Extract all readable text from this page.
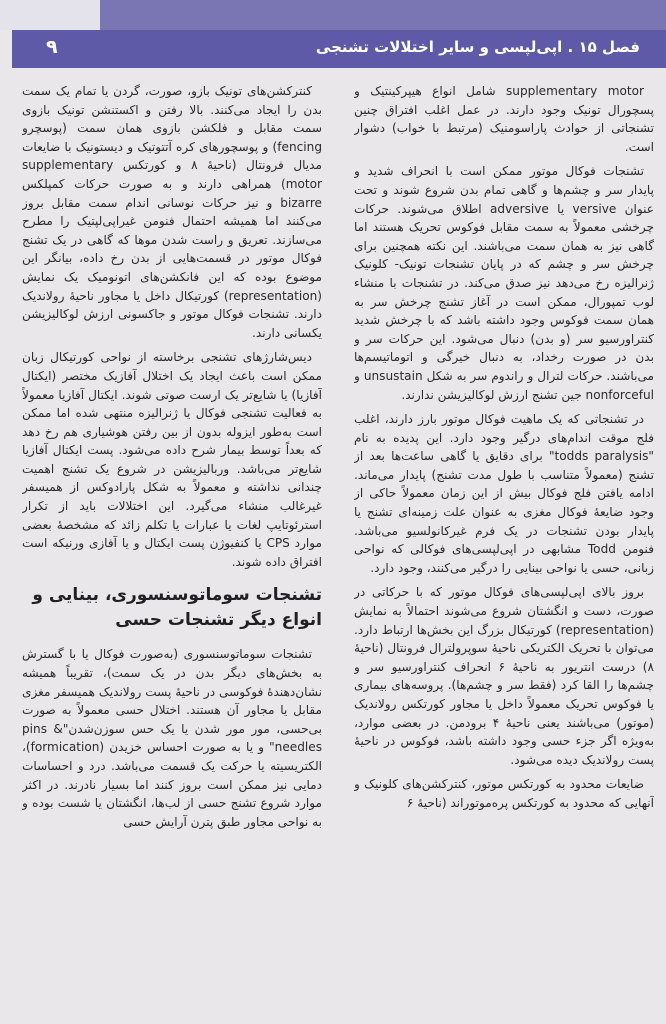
۹	فصل ۱۵ . اپی‌لپسی و سایر اختلالات تشنجی

supplementary motor شامل انواع هیپرکینتیک و پسچورال تونیک وجود دارند. در عمل اغلب افتراق چنین تشنجاتی از حوادث پاراسومنیک (مرتبط با خواب) دشوار است.

تشنجات فوکال موتور ممکن است با انحراف شدید و پایدار سر و چشم‌ها و گاهی تمام بدن شروع شوند و تحت عنوان versive یا adversive اطلاق می‌شوند. حرکات چرخشی معمولاً به سمت مقابل فوکوس تحریک هستند اما گاهی نیز به همان سمت می‌باشند. این نکته همچنین برای چرخش سر و چشم که در پایان تشنجات تونیک- کلونیک ژنرالیزه رخ می‌دهد نیز صدق می‌کند. در تشنجات با منشاء لوب تمپورال، ممکن است در آغاز تشنج چرخش سر به همان سمت فوکوس وجود داشته باشد که با چرخش شدید کنتراورسیو سر (و بدن) دنبال می‌شود. این حرکات سر و بدن در صورت رخداد، به دنبال خیرگی و اتوماتیسم‌ها می‌باشند. حرکات لترال و راندوم سر به شکل unsustain و nonforceful جین تشنج ارزش لوکالیزیشن ندارند.

در تشنجاتی که یک ماهیت فوکال موتور بارز دارند، اغلب فلج موقت اندام‌های درگیر وجود دارد. این پدیده به نام "todds paralysis" برای دقایق یا گاهی ساعت‌ها بعد از تشنج (معمولاً متناسب با طول مدت تشنج) پایدار می‌ماند. ادامه یافتن فلج فوکال بیش از این زمان معمولاً حاکی از وجود ضایعهٔ فوکال مغزی به عنوان علت زمینه‌ای تشنج یا پایدار بودن تشنجات در یک فرم غیرکانولسیو می‌باشد. فنومن Todd مشابهی در اپی‌لپسی‌های فوکالی که نواحی زبانی، حسی یا نواحی بینایی را درگیر می‌کنند، وجود دارد.

بروز بالای اپی‌لپسی‌های فوکال موتور که با حرکاتی در صورت، دست و انگشتان شروع می‌شوند احتمالاً به نمایش (representation) کورتیکال بزرگ این بخش‌ها ارتباط دارد. می‌توان با تحریک الکتریکی ناحیهٔ سوپرولترال فرونتال (ناحیهٔ ۸) درست انتریور به ناحیهٔ ۶ انحراف کنتراورسیو سر و چشم‌ها را القا کرد (فقط سر و چشم‌ها). پروسه‌های بیماری یا فوکوس تحریک معمولاً داخل یا مجاور کورتکس رولاندیک (موتور) می‌باشند یعنی ناحیهٔ ۴ برودمن. در بعضی موارد، به‌ویژه اگر جزء حسی وجود داشته باشد، فوکوس در ناحیهٔ پست رولاندیک دیده می‌شود.

ضایعات محدود به کورتکس موتور، کنترکشن‌های کلونیک و آنهایی که محدود به کورتکس پره‌موتوراند (ناحیهٔ ۶

کنترکشن‌های تونیک بازو، صورت، گردن یا تمام یک سمت بدن را ایجاد می‌کنند. بالا رفتن و اکستنشن تونیک بازوی سمت مقابل و فلکشن بازوی همان سمت (پوسچرو fencing) و پوسچورهای کره آتتوتیک و دیستونیک با ضایعات مدیال فرونتال (ناحیهٔ ۸ و کورتکس supplementary motor) همراهی دارند و به صورت حرکات کمپلکس bizarre و نیز حرکات نوسانی اندام سمت مقابل بروز می‌کنند اما همیشه احتمال فنومن غیراپی‌لپتیک را مطرح می‌سازند. تعریق و راست شدن موها که گاهی در یک تشنج فوکال موتور در قسمت‌هایی از بدن رخ داده، بیانگر این موضوع بوده که این فانکشن‌های اتونومیک یک نمایش (representation) کورتیکال داخل یا مجاور ناحیهٔ رولاندیک دارند. تشنجات فوکال موتور و جاکسونی ارزش لوکالیزیشن یکسانی دارند.

دیس‌شارژهای تشنجی برخاسته از نواحی کورتیکال زبان ممکن است باعث ایجاد یک اختلال آفازیک مختصر (ایکتال آفازیا) یا شایع‌تر یک ارست صوتی شوند. ایکتال آفازیا معمولاً به فعالیت تشنجی فوکال یا ژنرالیزه منتهی شده اما ممکن است به‌طور ایزوله بدون از بین رفتن هوشیاری هم رخ دهد که بعداً توسط بیمار شرح داده می‌شود. پست ایکتال آفازیا شایع‌تر می‌باشد. وربالیزیشن در شروع یک تشنج اهمیت چندانی نداشته و معمولاً به شکل پارادوکس از همیسفر غیرغالب منشاء می‌گیرد. این اختلالات باید از تکرار استرئوتایپ لغات یا عبارات یا تکلم زائد که مشخصهٔ بعضی موارد CPS یا کنفیوژن پست ایکتال و یا آفازی ورنیکه است افتراق داده شوند.

تشنجات سوماتوسنسوری، بینایی و انواع دیگر تشنجات حسی

تشنجات سوماتوسنسوری (به‌صورت فوکال یا با گسترش به بخش‌های دیگر بدن در یک سمت)، تقریباً همیشه نشان‌دهندهٔ فوکوسی در ناحیهٔ پست رولاندیک همیسفر مغزی مقابل یا مجاور آن هستند. اختلال حسی معمولاً به صورت بی‌حسی، مور مور شدن یا یک حس سوزن‌شدن"pins & needles" و یا به صورت احساس خزیدن (formication)، الکتریسیته یا حرکت یک قسمت می‌باشد. درد و احساسات دمایی نیز ممکن است بروز کنند اما بسیار نادرند. در اکثر موارد شروع تشنج حسی از لب‌ها، انگشتان یا شست بوده و به نواحی مجاور طبق پترن آرایش حسی
